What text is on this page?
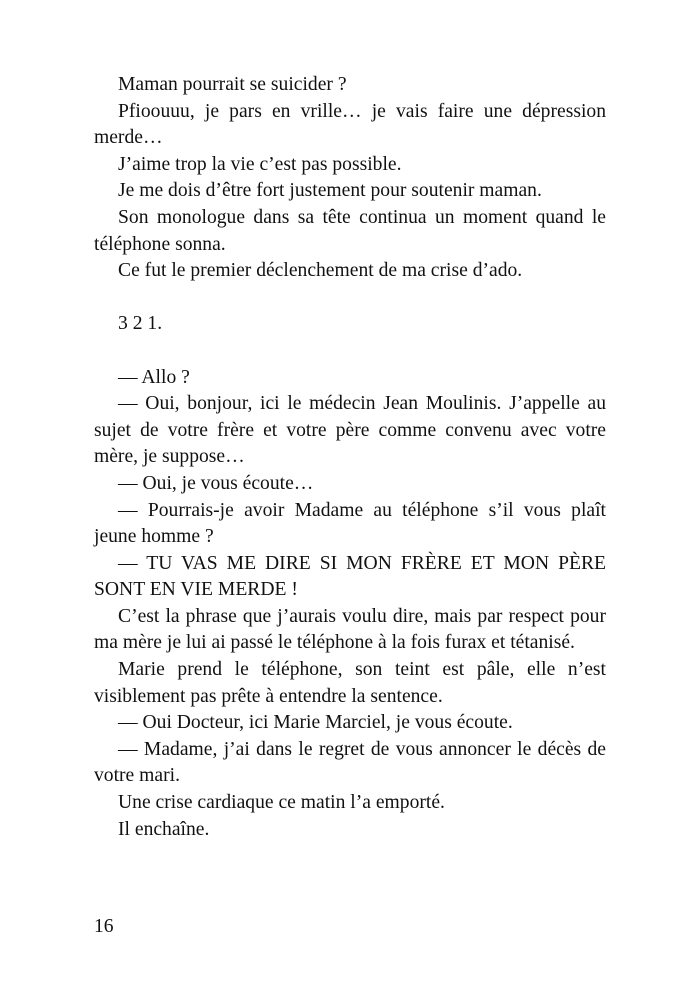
Maman pourrait se suicider ?

Pfioouuu, je pars en vrille… je vais faire une dépression merde…

J’aime trop la vie c’est pas possible.

Je me dois d’être fort justement pour soutenir maman.

Son monologue dans sa tête continua un moment quand le téléphone sonna.

Ce fut le premier déclenchement de ma crise d’ado.

3 2 1.

— Allo ?

— Oui, bonjour, ici le médecin Jean Moulinis. J’appelle au sujet de votre frère et votre père comme convenu avec votre mère, je suppose…

— Oui, je vous écoute…

— Pourrais-je avoir Madame au téléphone s’il vous plaît jeune homme ?

— TU VAS ME DIRE SI MON FRÈRE ET MON PÈRE SONT EN VIE MERDE !

C’est la phrase que j’aurais voulu dire, mais par respect pour ma mère je lui ai passé le téléphone à la fois furax et tétanisé.

Marie prend le téléphone, son teint est pâle, elle n’est visiblement pas prête à entendre la sentence.

— Oui Docteur, ici Marie Marciel, je vous écoute.

— Madame, j’ai dans le regret de vous annoncer le décès de votre mari.

Une crise cardiaque ce matin l’a emporté.

Il enchaîne.

16
